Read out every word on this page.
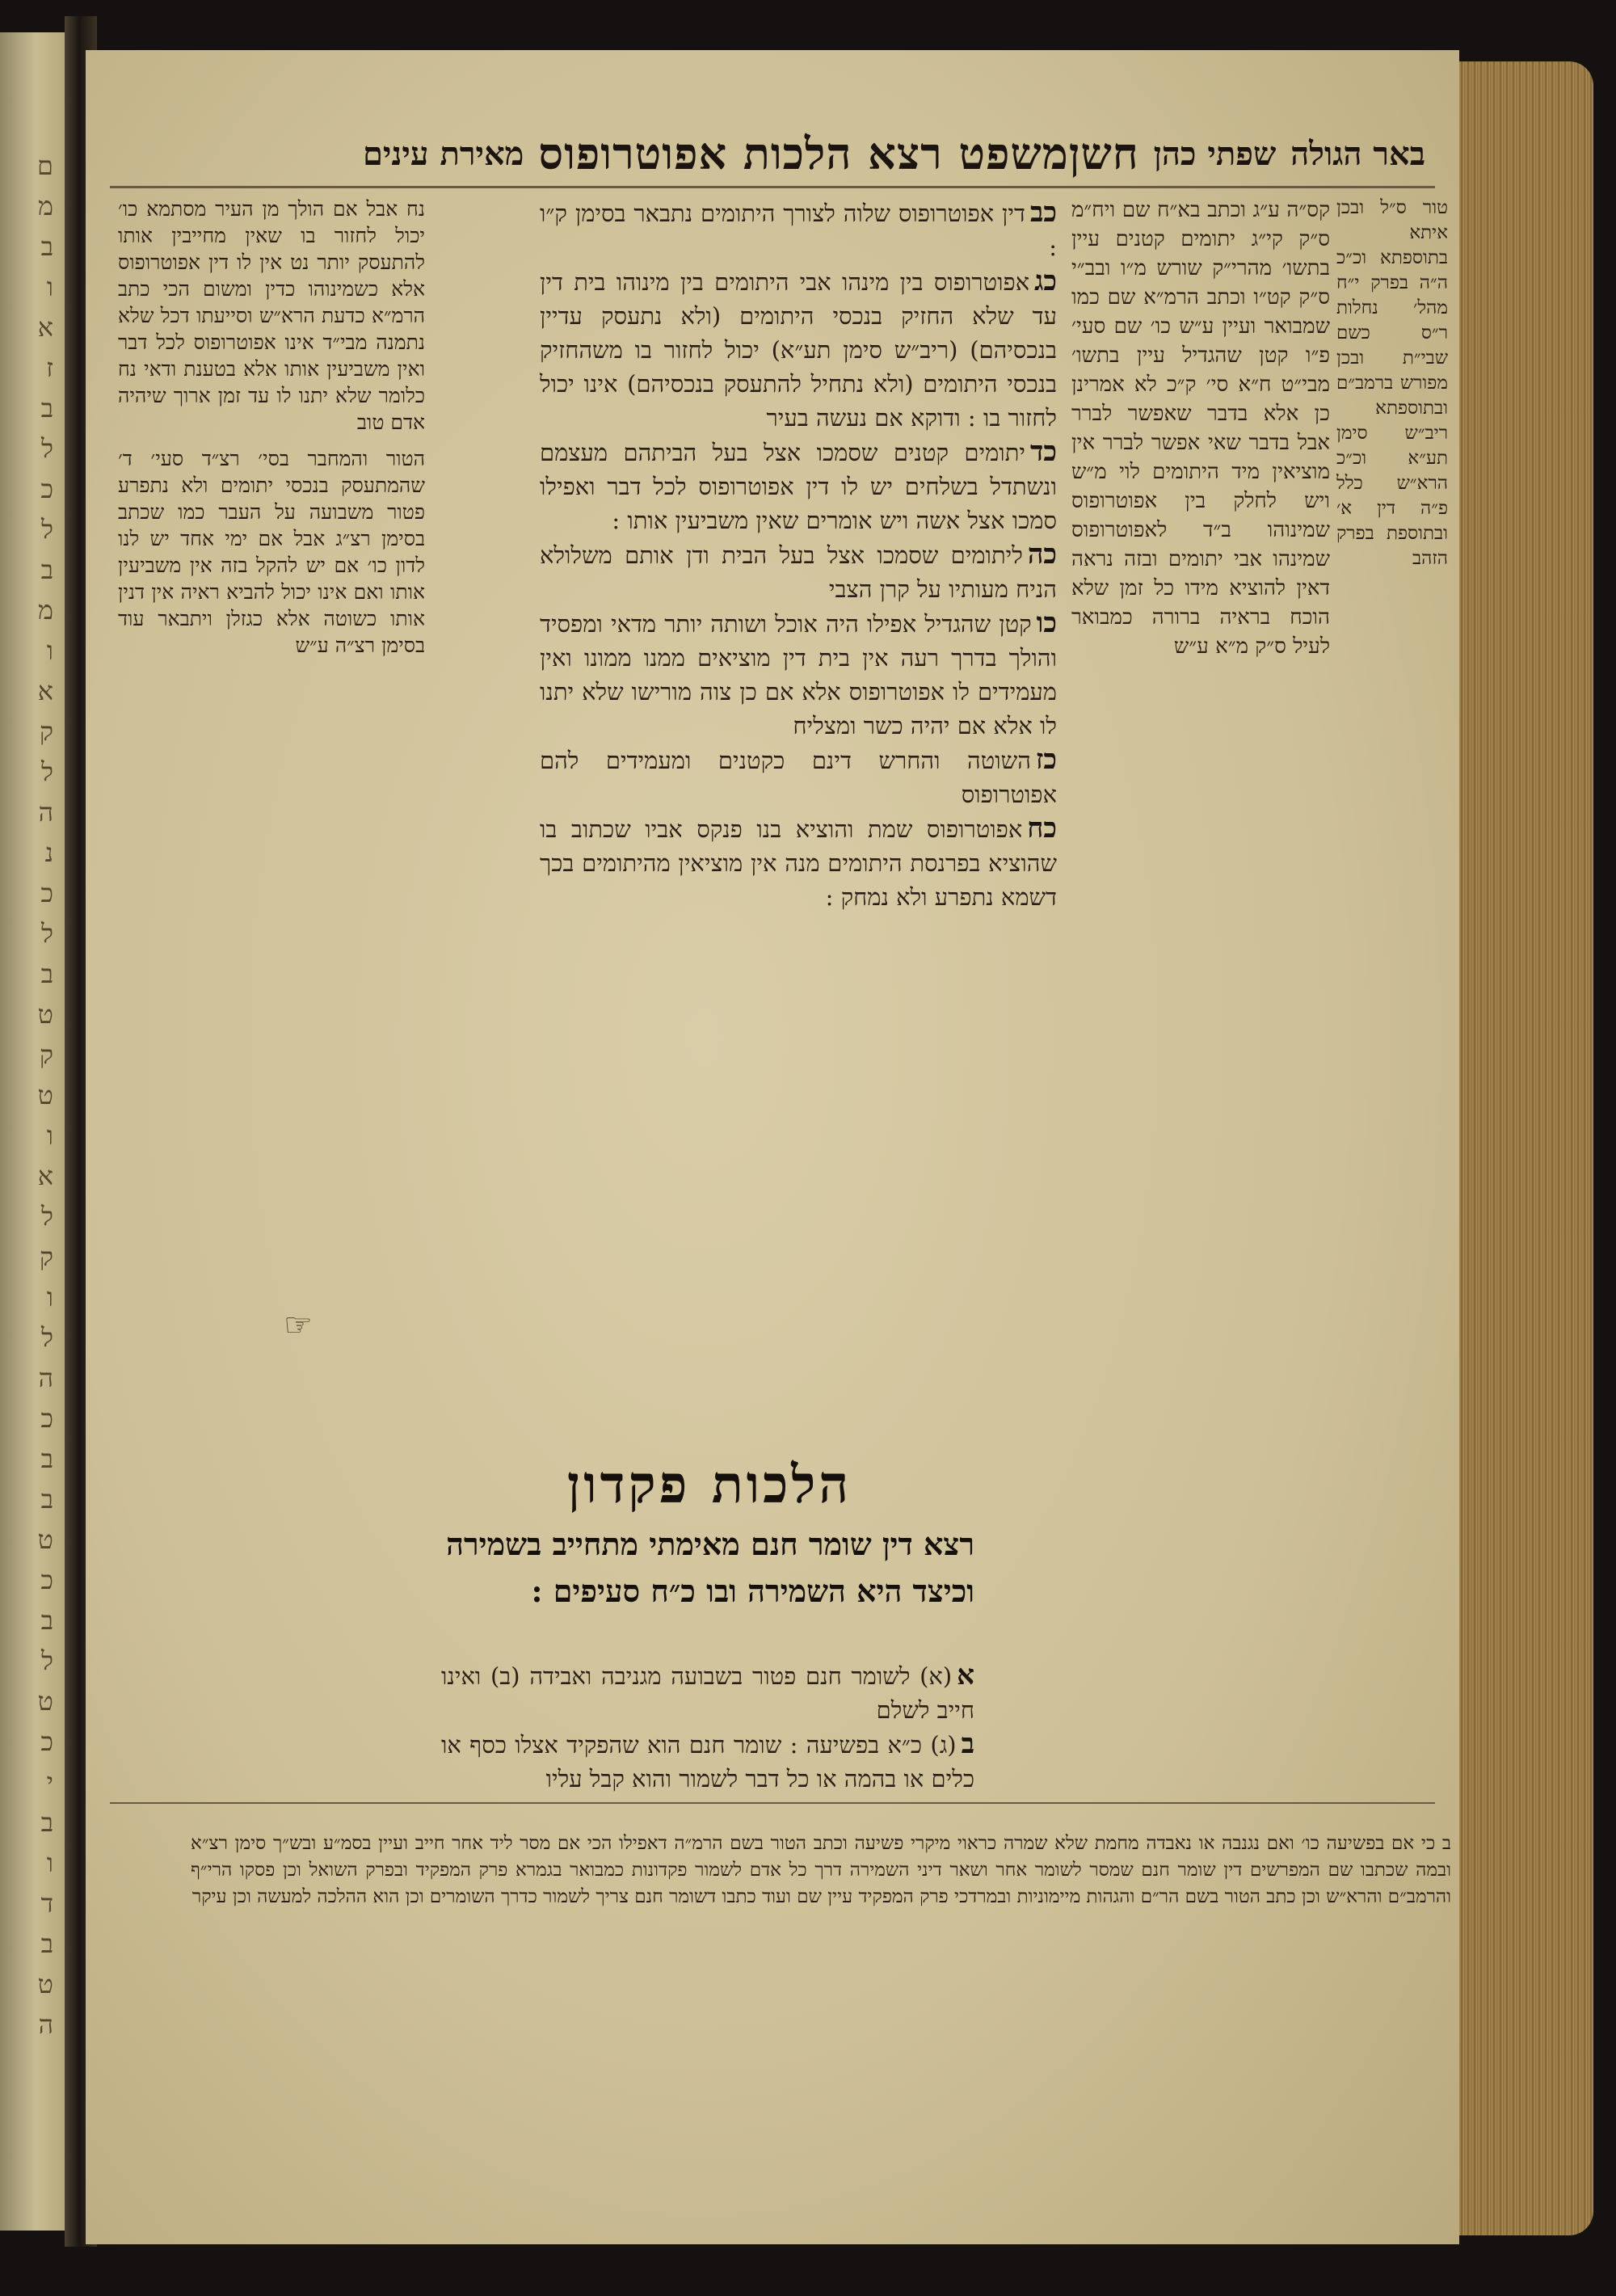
ם
מ
ב
ו
א
ז
ב
ל
כ
ל
ב
מ
ו
א
ק
ל
ה
נ
כ
ל
ב
ט
ק
ט
ו
א
ל
ק
ו
ל
ה
כ
ב
ב
ט
כ
ב
ל
ט
כ
י
ב
ו
ד
ב
ט
ה
באר הגולה
שפתי כהן
חשןמשפט רצא הלכות אפוטרופוס
מאירת עינים

טור ס״ל ובכן איתא בתוספתא וכ״כ ה״ה בפרק י״ח מהל׳ נחלות ר״ס כשם שבי״ת ובכן מפורש ברמב״ם ובתוספתא ריב״ש סימן תע״א וכ״כ הרא״ש כלל פ״ה דין א׳ ובתוספת בפרק הזהב

קס״ה ע״ג וכתב בא״ח שם ויח״מ ס״ק קי״ג יתומים קטנים עיין בתשו׳ מהרי״ק שורש מ״ו ובב״י ס״ק קט״ו וכתב הרמ״א שם כמו שמבואר ועיין ע״ש כו׳ שם סעי׳ פ״ו קטן שהגדיל עיין בתשו׳ מבי״ט ח״א סי׳ ק״כ לא אמרינן כן אלא בדבר שאפשר לברר אבל בדבר שאי אפשר לברר אין מוציאין מיד היתומים לוי מ״ש ויש לחלק בין אפוטרופוס שמינוהו ב״ד לאפוטרופוס שמינהו אבי יתומים ובזה נראה דאין להוציא מידו כל זמן שלא הוכח בראיה ברורה כמבואר לעיל ס״ק מ״א ע״ש

כבדין אפוטרופוס שלוה לצורך היתומים נתבאר בסימן ק״ו :

כגאפוטרופוס בין מינהו אבי היתומים בין מינוהו בית דין עד שלא החזיק בנכסי היתומים (ולא נתעסק עדיין בנכסיהם) (ריב״ש סימן תע״א) יכול לחזור בו משהחזיק בנכסי היתומים (ולא נתחיל להתעסק בנכסיהם) אינו יכול לחזור בו : ודוקא אם נעשה בעיר

כדיתומים קטנים שסמכו אצל בעל הביתהם מעצמם ונשתדל בשלחים יש לו דין אפוטרופוס לכל דבר ואפילו סמכו אצל אשה ויש אומרים שאין משביעין אותו :

כהליתומים שסמכו אצל בעל הבית ודן אותם משלולא הניח מעותיו על קרן הצבי

כוקטן שהגדיל אפילו היה אוכל ושותה יותר מדאי ומפסיד והולך בדרך רעה אין בית דין מוציאים ממנו ממונו ואין מעמידים לו אפוטרופוס אלא אם כן צוה מורישו שלא יתנו לו אלא אם יהיה כשר ומצליח

כזהשוטה והחרש דינם כקטנים ומעמידים להם אפוטרופוס

כחאפוטרופוס שמת והוציא בנו פנקס אביו שכתוב בו שהוציא בפרנסת היתומים מנה אין מוציאין מהיתומים בכך דשמא נתפרע ולא נמחק :

נח אבל אם הולך מן העיר מסתמא כו׳ יכול לחזור בו שאין מחייבין אותו להתעסק יותר נט אין לו דין אפוטרופוס אלא כשמינוהו כדין ומשום הכי כתב הרמ״א כדעת הרא״ש וסייעתו דכל שלא נתמנה מבי״ד אינו אפוטרופוס לכל דבר ואין משביעין אותו אלא בטענת ודאי נח כלומר שלא יתנו לו עד זמן ארוך שיהיה אדם טוב

הטור והמחבר בסי׳ רצ״ד סעי׳ ד׳ שהמתעסק בנכסי יתומים ולא נתפרע פטור משבועה על העבר כמו שכתב בסימן רצ״ג אבל אם ימי אחד יש לנו לדון כו׳ אם יש להקל בזה אין משביעין אותו ואם אינו יכול להביא ראיה אין דנין אותו כשוטה אלא כגזלן ויתבאר עוד בסימן רצ״ה ע״ש

☞
הלכות פקדון
רצא דין שומר חנם מאימתי מתחייב בשמירה וכיצד היא השמירה ובו כ״ח סעיפים :

א(א) לשומר חנם פטור בשבועה מגניבה ואבידה (ב) ואינו חייב לשלם

ב(ג) כ״א בפשיעה : שומר חנם הוא שהפקיד אצלו כסף או כלים או בהמה או כל דבר לשמור והוא קבל עליו

ב כי אם בפשיעה כו׳ ואם נגנבה או נאבדה מחמת שלא שמרה כראוי מיקרי פשיעה וכתב הטור בשם הרמ״ה דאפילו הכי אם מסר ליד אחר חייב ועיין בסמ״ע ובש״ך סימן רצ״א ובמה שכתבו שם המפרשים דין שומר חנם שמסר לשומר אחר ושאר דיני השמירה דרך כל אדם לשמור פקדונות כמבואר בגמרא פרק המפקיד ובפרק השואל וכן פסקו הרי״ף והרמב״ם והרא״ש וכן כתב הטור בשם הר״ם והגהות מיימוניות ובמרדכי פרק המפקיד עיין שם ועוד כתבו דשומר חנם צריך לשמור כדרך השומרים וכן הוא ההלכה למעשה וכן עיקר
